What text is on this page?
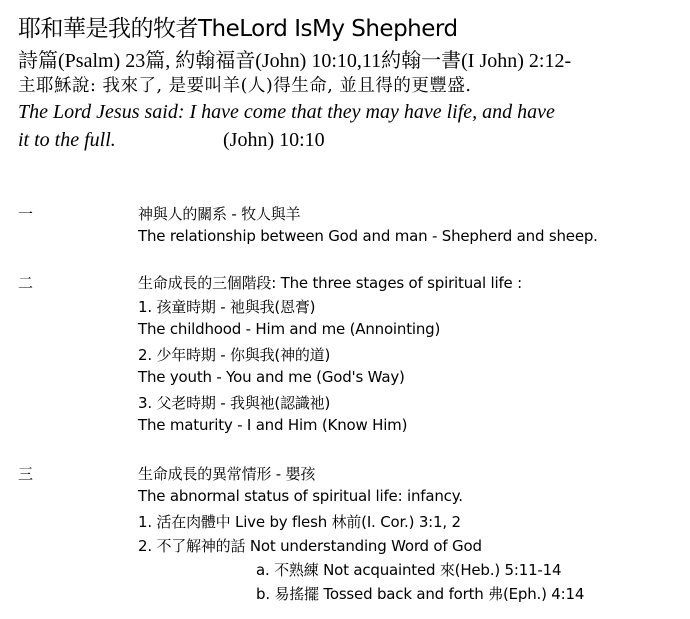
耶和華是我的牧者TheLord IsMy Shepherd
詩篇(Psalm) 23篇, 約翰福音(John) 10:10,11約翰一書(I John) 2:12-
主耶穌說: 我來了, 是要叫羊(人)得生命, 並且得的更豐盛.
The Lord Jesus said: I have come that they may have life, and have
it to the full.	(John) 10:10
一	神與人的關系 - 牧人與羊
The relationship between God and man - Shepherd and sheep.
二	生命成長的三個階段: The three stages of spiritual life :
1. 孩童時期 - 祂與我(恩膏)
The childhood - Him and me (Annointing)
2. 少年時期 - 你與我(神的道)
The youth - You and me (God's Way)
3. 父老時期 - 我與祂(認識祂)
The maturity - I and Him (Know Him)
三	生命成長的異常情形 - 嬰孩
The abnormal status of spiritual life: infancy.
1. 活在肉體中 Live by flesh 林前(I. Cor.) 3:1, 2
2. 不了解神的話 Not understanding Word of God
a. 不熟練 Not acquainted 來(Heb.) 5:11-14
b. 易搖擺 Tossed back and forth 弗(Eph.) 4:14
